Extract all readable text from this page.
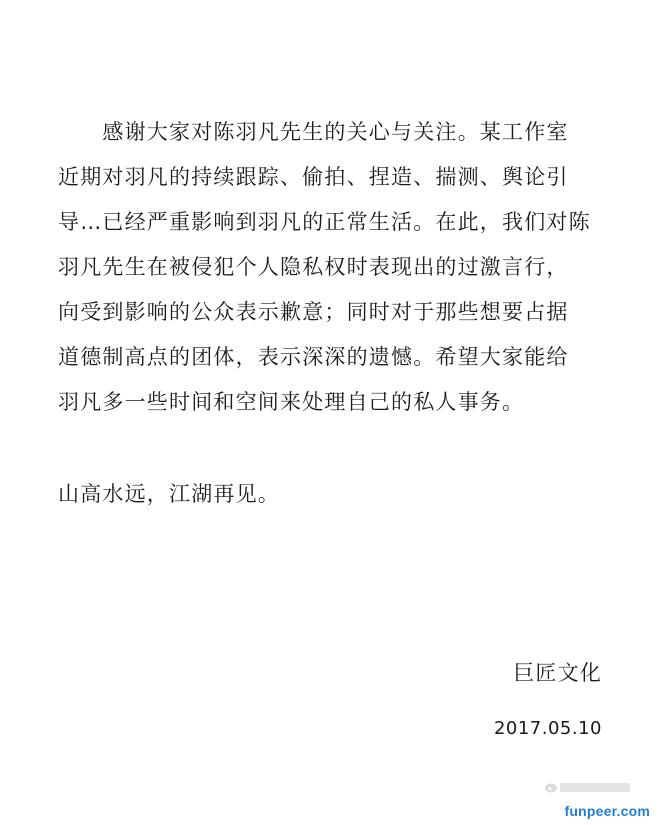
　　感谢大家对陈羽凡先生的关心与关注。某工作室
近期对羽凡的持续跟踪、偷拍、捏造、揣测、舆论引
导…已经严重影响到羽凡的正常生活。在此，我们对陈
羽凡先生在被侵犯个人隐私权时表现出的过激言行，
向受到影响的公众表示歉意；同时对于那些想要占据
道德制高点的团体，表示深深的遗憾。希望大家能给
羽凡多一些时间和空间来处理自己的私人事务。
山高水远，江湖再见。
巨匠文化
2017.05.10
funpeer.com
